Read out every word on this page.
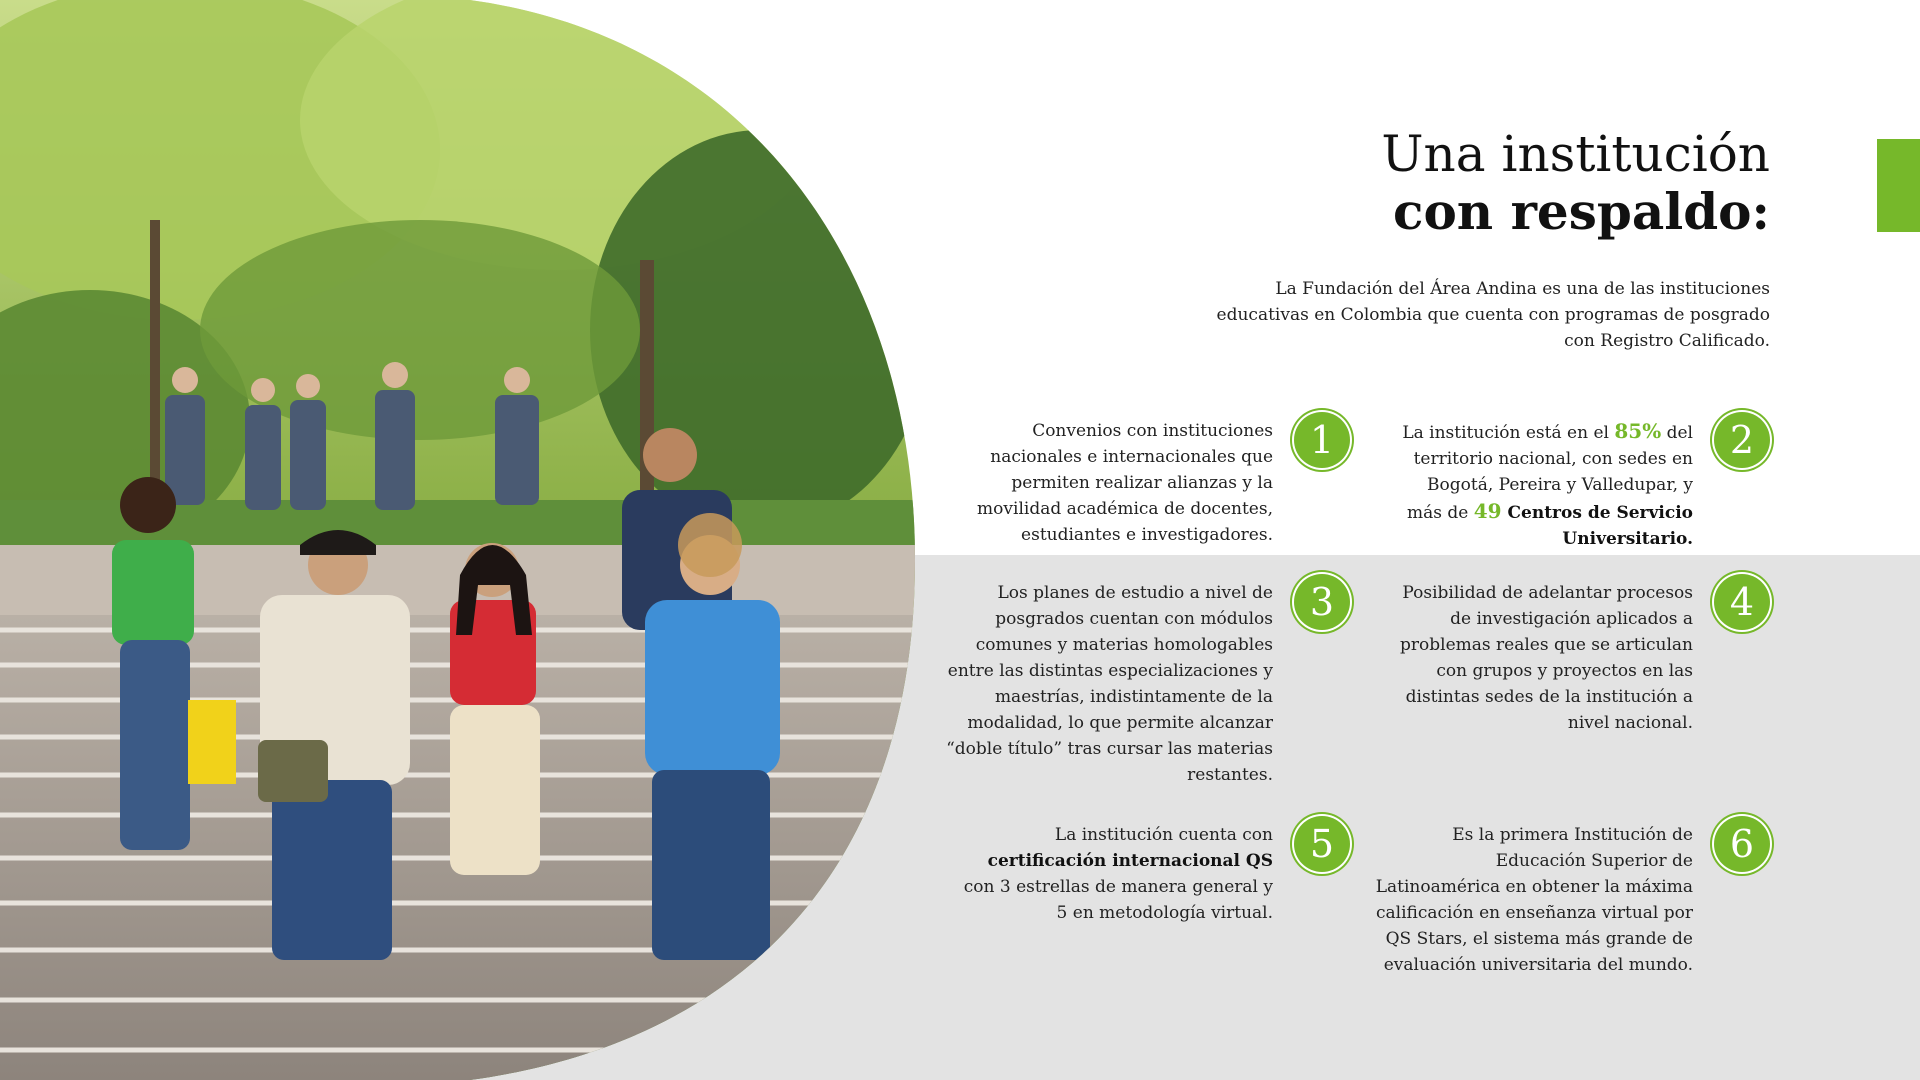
Una institución
con respaldo:
La Fundación del Área Andina es una de las instituciones educativas en Colombia que cuenta con programas de posgrado con Registro Calificado.
Convenios con instituciones nacionales e internacionales que permiten realizar alianzas y la movilidad académica de docentes, estudiantes e investigadores.
1	La institución está en el 85% del territorio nacional, con sedes en Bogotá, Pereira y Valledupar, y más de 49 Centros de Servicio Universitario.
2
Los planes de estudio a nivel de posgrados cuentan con módulos comunes y materias homologables entre las distintas especializaciones y maestrías, indistintamente de la modalidad, lo que permite alcanzar “doble título” tras cursar las materias restantes.
3	Posibilidad de adelantar procesos de investigación aplicados a problemas reales que se articulan con grupos y proyectos en las distintas sedes de la institución a nivel nacional.
4
La institución cuenta con certificación internacional QS con 3 estrellas de manera general y 5 en metodología virtual.
5	Es la primera Institución de Educación Superior de Latinoamérica en obtener la máxima calificación en enseñanza virtual por QS Stars, el sistema más grande de evaluación universitaria del mundo.
6
